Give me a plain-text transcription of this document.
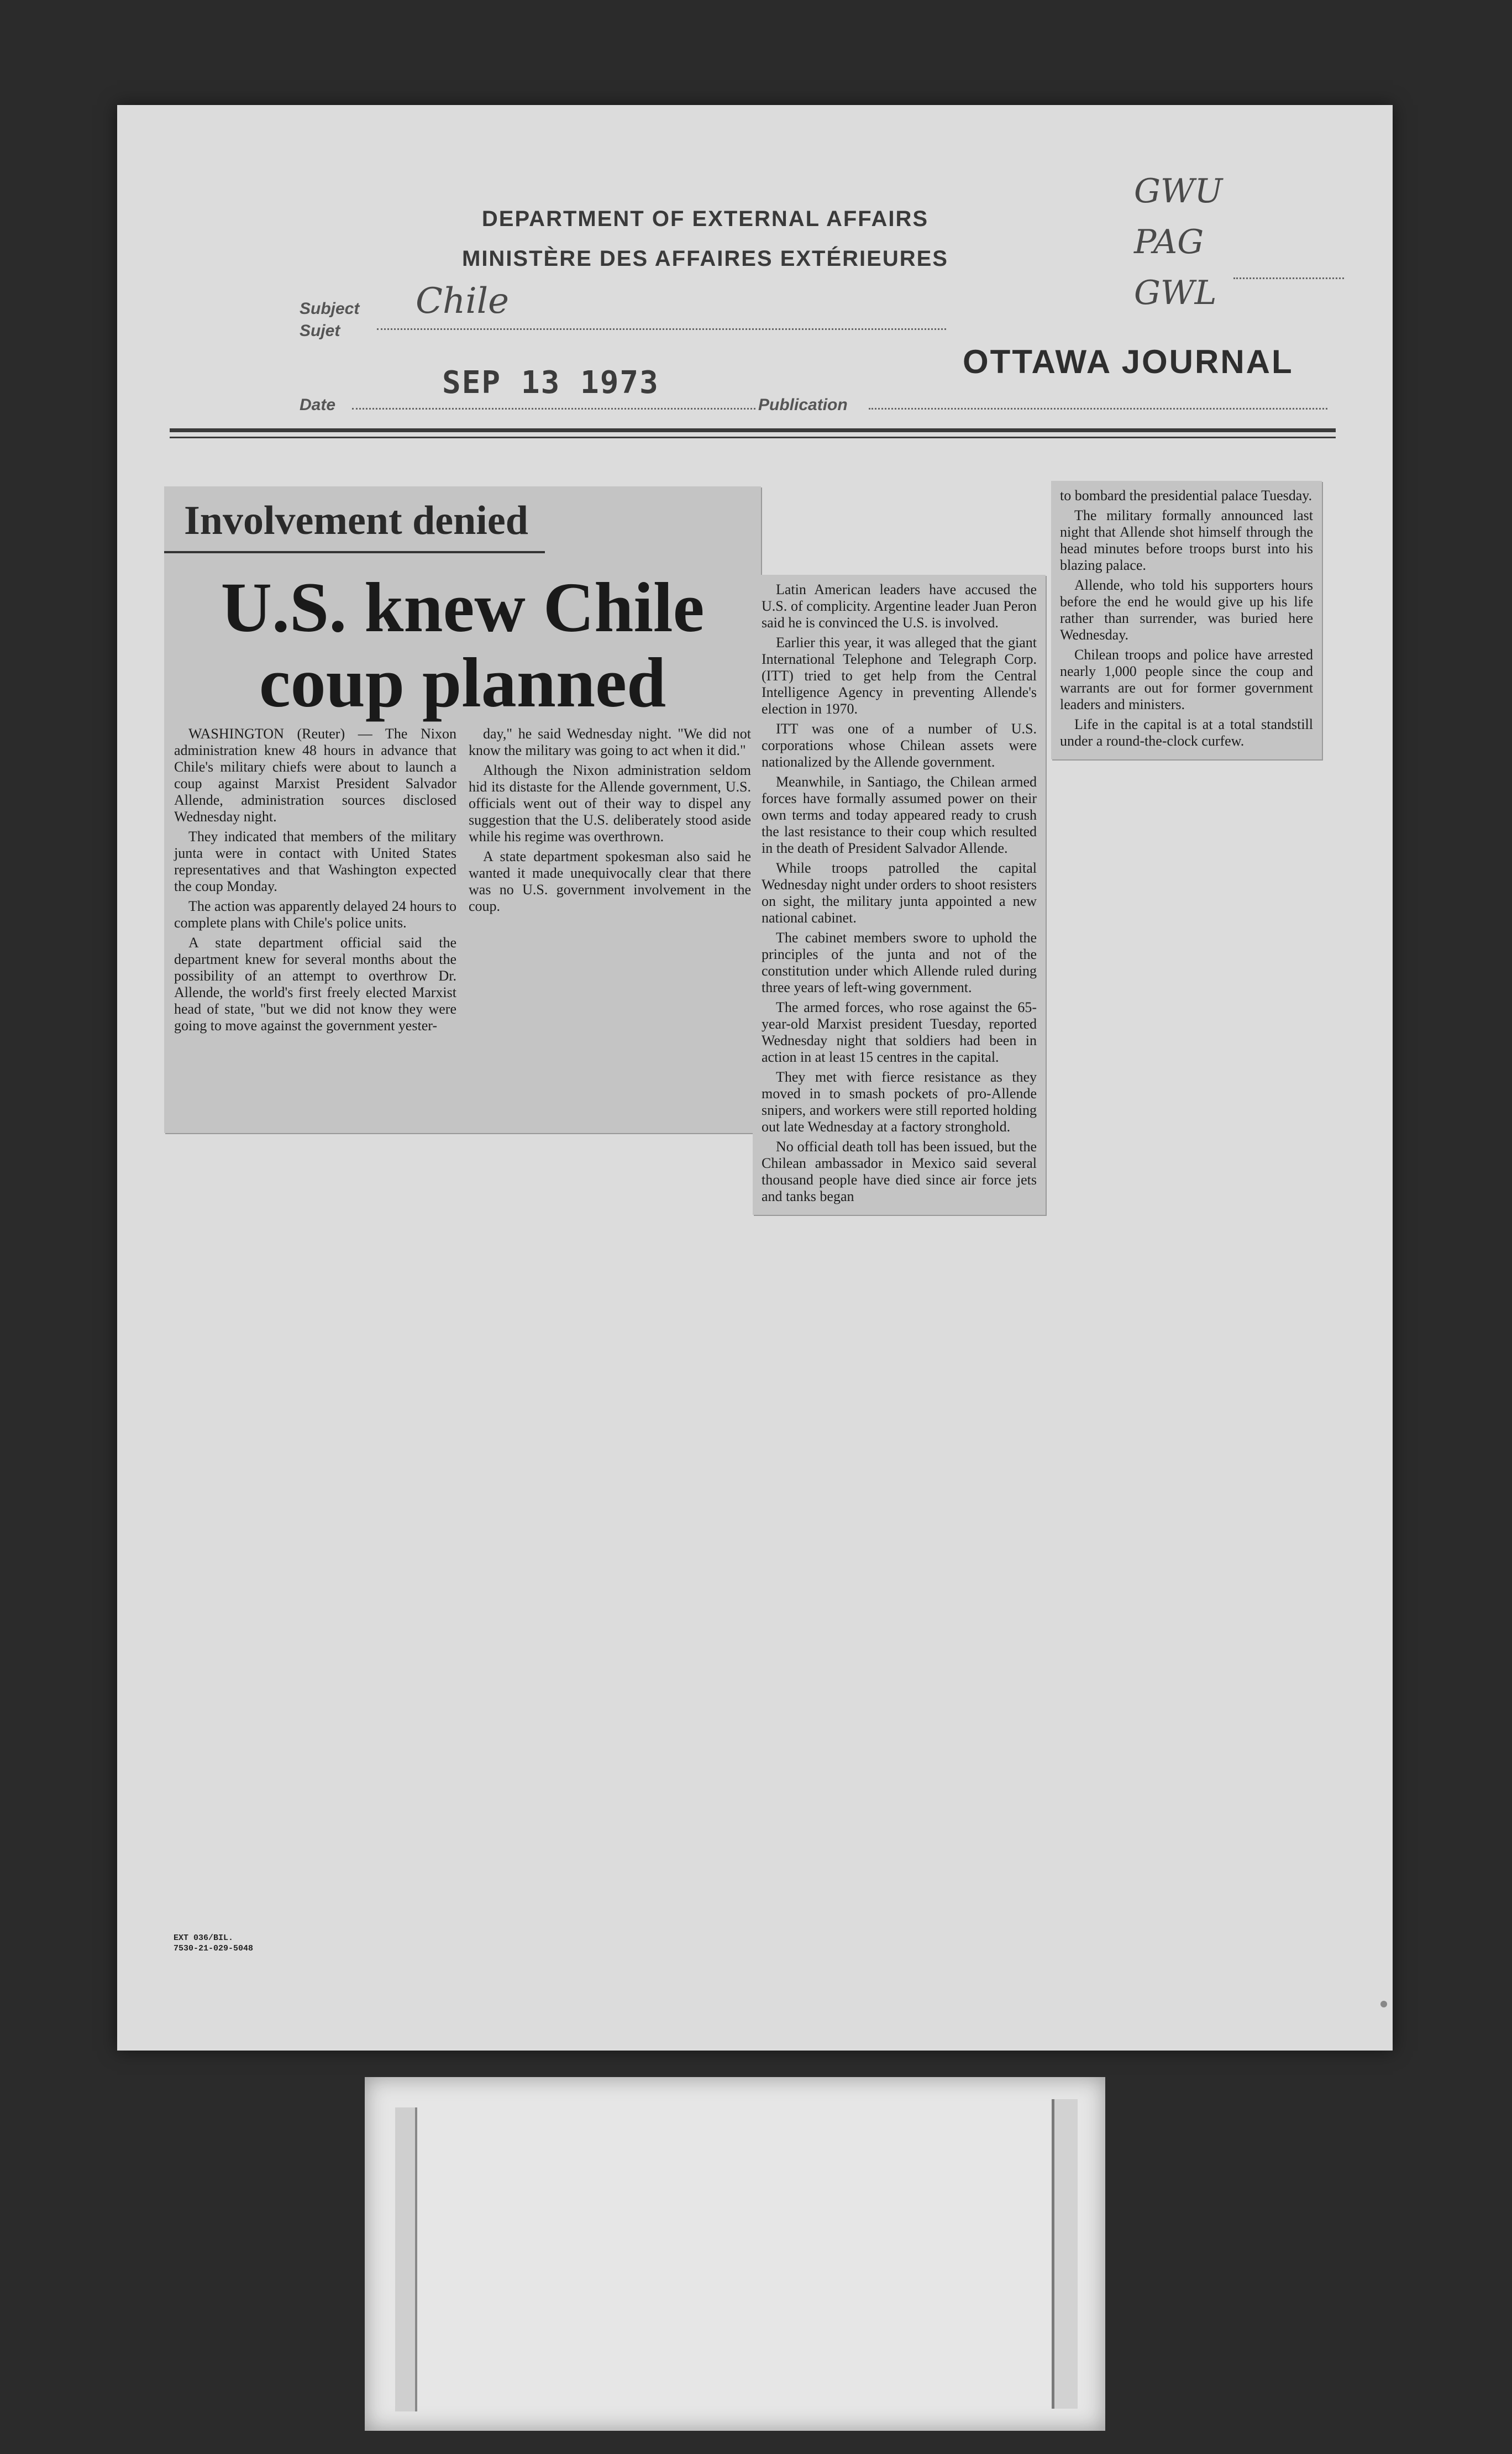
DEPARTMENT OF EXTERNAL AFFAIRS
MINISTÈRE DES AFFAIRES EXTÉRIEURES
GWU
PAG
GWL
Subject
Sujet
Chile
Date
SEP 13 1973
Publication
OTTAWA JOURNAL
Involvement denied
U.S. knew Chile
coup planned

WASHINGTON (Reuter) — The Nixon administration knew 48 hours in advance that Chile's military chiefs were about to launch a coup against Marxist President Salvador Allende, administration sources disclosed Wednesday night.

They indicated that members of the military junta were in contact with United States representatives and that Washington expected the coup Monday.

The action was apparently delayed 24 hours to complete plans with Chile's police units.

A state department official said the department knew for several months about the possibility of an attempt to overthrow Dr. Allende, the world's first freely elected Marxist head of state, "but we did not know they were going to move against the government yester-

day," he said Wednesday night. "We did not know the military was going to act when it did."

Although the Nixon administration seldom hid its distaste for the Allende government, U.S. officials went out of their way to dispel any suggestion that the U.S. deliberately stood aside while his regime was overthrown.

A state department spokesman also said he wanted it made unequivocally clear that there was no U.S. government involvement in the coup.

Latin American leaders have accused the U.S. of complicity. Argentine leader Juan Peron said he is convinced the U.S. is involved.

Earlier this year, it was alleged that the giant International Telephone and Telegraph Corp. (ITT) tried to get help from the Central Intelligence Agency in preventing Allende's election in 1970.

ITT was one of a number of U.S. corporations whose Chilean assets were nationalized by the Allende government.

Meanwhile, in Santiago, the Chilean armed forces have formally assumed power on their own terms and today appeared ready to crush the last resistance to their coup which resulted in the death of President Salvador Allende.

While troops patrolled the capital Wednesday night under orders to shoot resisters on sight, the military junta appointed a new national cabinet.

The cabinet members swore to uphold the principles of the junta and not of the constitution under which Allende ruled during three years of left-wing government.

The armed forces, who rose against the 65-year-old Marxist president Tuesday, reported Wednesday night that soldiers had been in action in at least 15 centres in the capital.

They met with fierce resistance as they moved in to smash pockets of pro-Allende snipers, and workers were still reported holding out late Wednesday at a factory stronghold.

No official death toll has been issued, but the Chilean ambassador in Mexico said several thousand people have died since air force jets and tanks began

to bombard the presidential palace Tuesday.

The military formally announced last night that Allende shot himself through the head minutes before troops burst into his blazing palace.

Allende, who told his supporters hours before the end he would give up his life rather than surrender, was buried here Wednesday.

Chilean troops and police have arrested nearly 1,000 people since the coup and warrants are out for former government leaders and ministers.

Life in the capital is at a total standstill under a round-the-clock curfew.

EXT 036/BIL.
7530-21-029-5048
